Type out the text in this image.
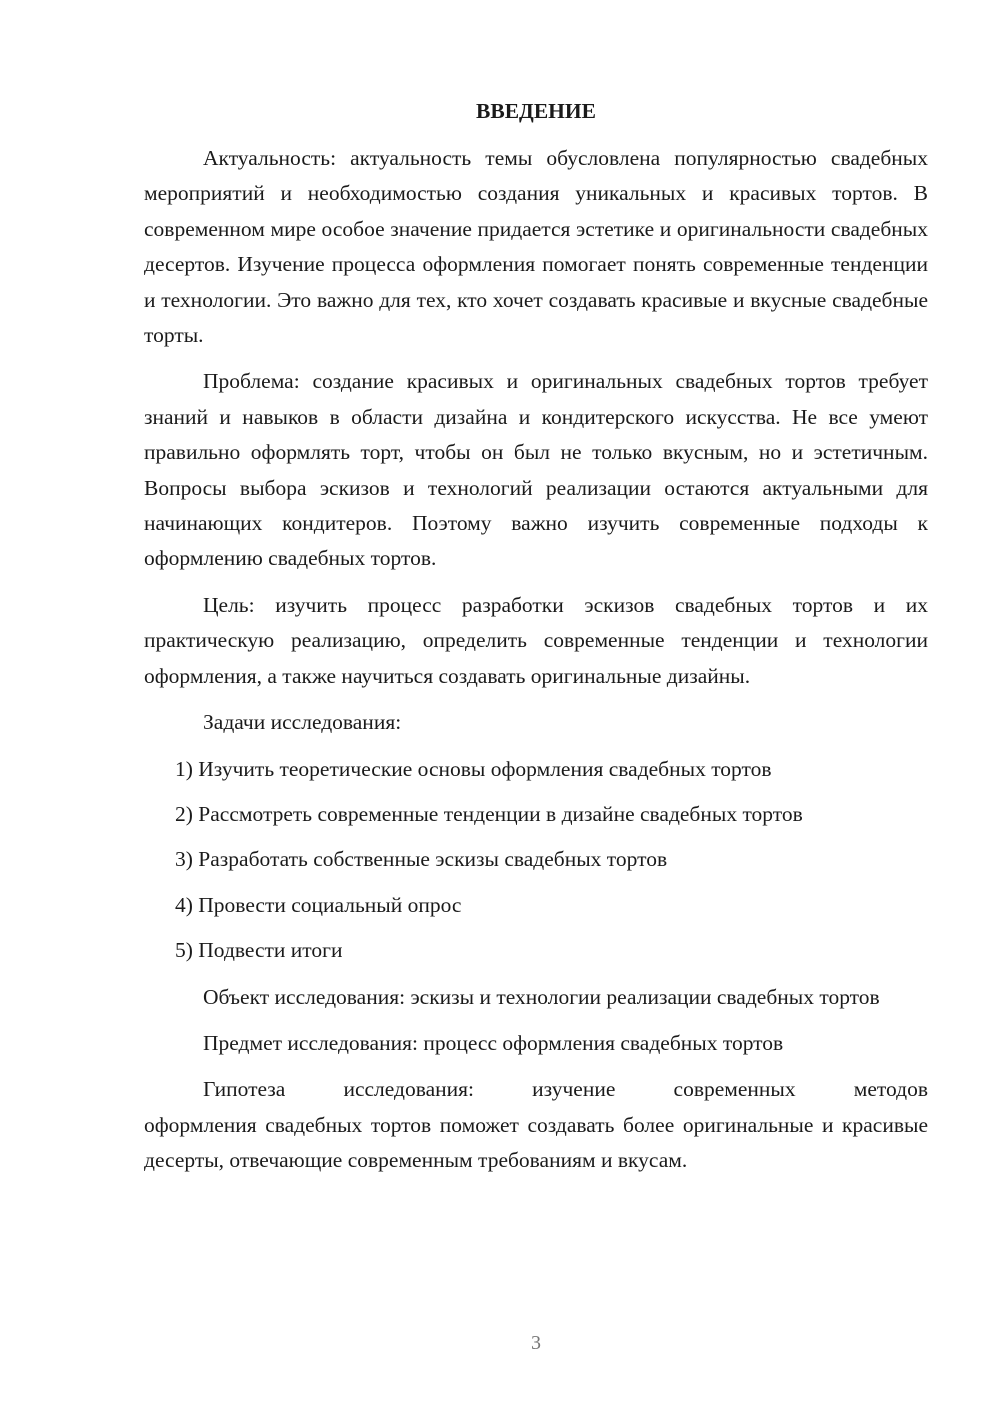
ВВЕДЕНИЕ

Актуальность: актуальность темы обусловлена популярностью свадебных мероприятий и необходимостью создания уникальных и красивых тортов. В современном мире особое значение придается эстетике и оригинальности свадебных десертов. Изучение процесса оформления помогает понять современные тенденции и технологии. Это важно для тех, кто хочет создавать красивые и вкусные свадебные торты.

Проблема: создание красивых и оригинальных свадебных тортов требует знаний и навыков в области дизайна и кондитерского искусства. Не все умеют правильно оформлять торт, чтобы он был не только вкусным, но и эстетичным. Вопросы выбора эскизов и технологий реализации остаются актуальными для начинающих кондитеров. Поэтому важно изучить современные подходы к оформлению свадебных тортов.

Цель: изучить процесс разработки эскизов свадебных тортов и их практическую реализацию, определить современные тенденции и технологии оформления, а также научиться создавать оригинальные дизайны.

Задачи исследования:

1) Изучить теоретические основы оформления свадебных тортов
2) Рассмотреть современные тенденции в дизайне свадебных тортов
3) Разработать собственные эскизы свадебных тортов
4) Провести социальный опрос
5) Подвести итоги

Объект исследования: эскизы и технологии реализации свадебных тортов

Предмет исследования: процесс оформления свадебных тортов

Гипотеза исследования: изучение современных методов
оформления свадебных тортов поможет создавать более оригинальные и красивые десерты, отвечающие современным требованиям и вкусам.
3
